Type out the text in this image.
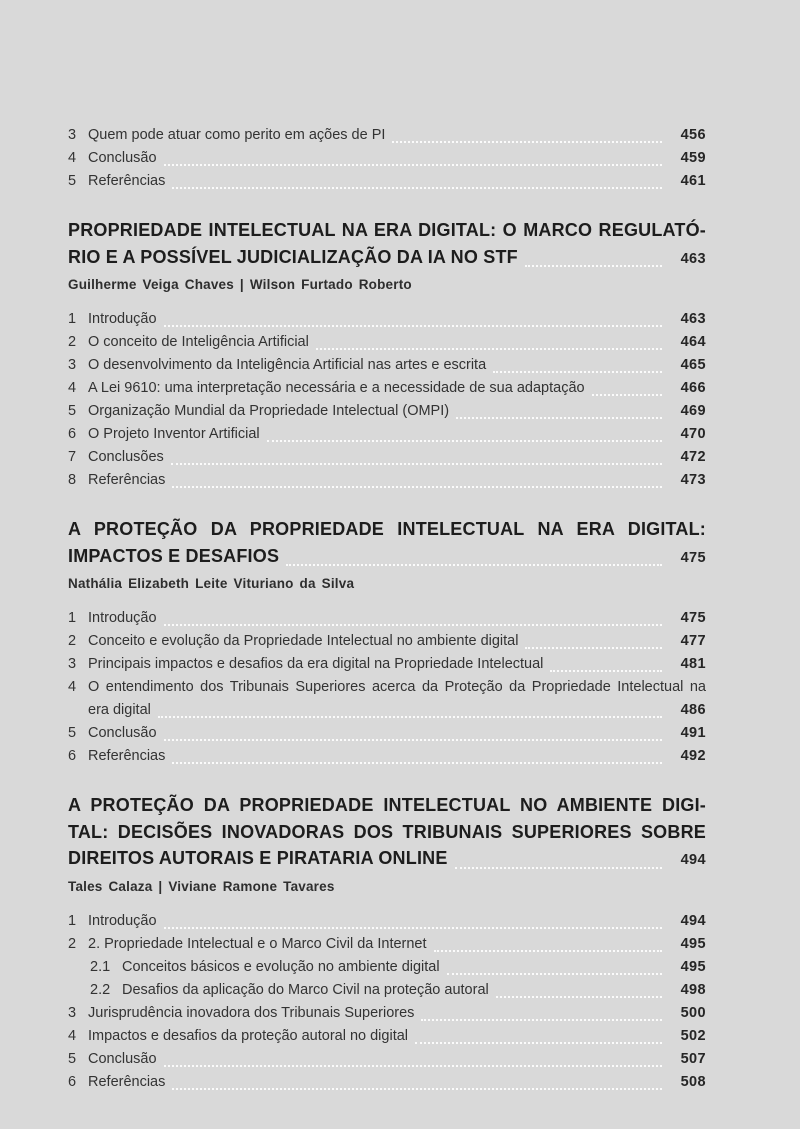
3 Quem pode atuar como perito em ações de PI	456
4 Conclusão	459
5 Referências	461
PROPRIEDADE INTELECTUAL NA ERA DIGITAL: O MARCO REGULATÓ-
RIO E A POSSÍVEL JUDICIALIZAÇÃO DA IA NO STF	463
Guilherme Veiga Chaves | Wilson Furtado Roberto
1 Introdução	463
2 O conceito de Inteligência Artificial	464
3 O desenvolvimento da Inteligência Artificial nas artes e escrita	465
4 A Lei 9610: uma interpretação necessária e a necessidade de sua adaptação	466
5 Organização Mundial da Propriedade Intelectual (OMPI)	469
6 O Projeto Inventor Artificial	470
7 Conclusões	472
8 Referências	473
A PROTEÇÃO DA PROPRIEDADE INTELECTUAL NA ERA DIGITAL:
IMPACTOS E DESAFIOS	475
Nathália Elizabeth Leite Vituriano da Silva
1 Introdução	475
2 Conceito e evolução da Propriedade Intelectual no ambiente digital	477
3 Principais impactos e desafios da era digital na Propriedade Intelectual	481
4 O entendimento dos Tribunais Superiores acerca da Proteção da Propriedade Intelectual na
era digital	486
5 Conclusão	491
6 Referências	492
A PROTEÇÃO DA PROPRIEDADE INTELECTUAL NO AMBIENTE DIGI-
TAL: DECISÕES INOVADORAS DOS TRIBUNAIS SUPERIORES SOBRE
DIREITOS AUTORAIS E PIRATARIA ONLINE	494
Tales Calaza | Viviane Ramone Tavares
1 Introdução	494
2 2. Propriedade Intelectual e o Marco Civil da Internet	495
2.1 Conceitos básicos e evolução no ambiente digital	495
2.2 Desafios da aplicação do Marco Civil na proteção autoral	498
3 Jurisprudência inovadora dos Tribunais Superiores	500
4 Impactos e desafios da proteção autoral no digital	502
5 Conclusão	507
6 Referências	508
